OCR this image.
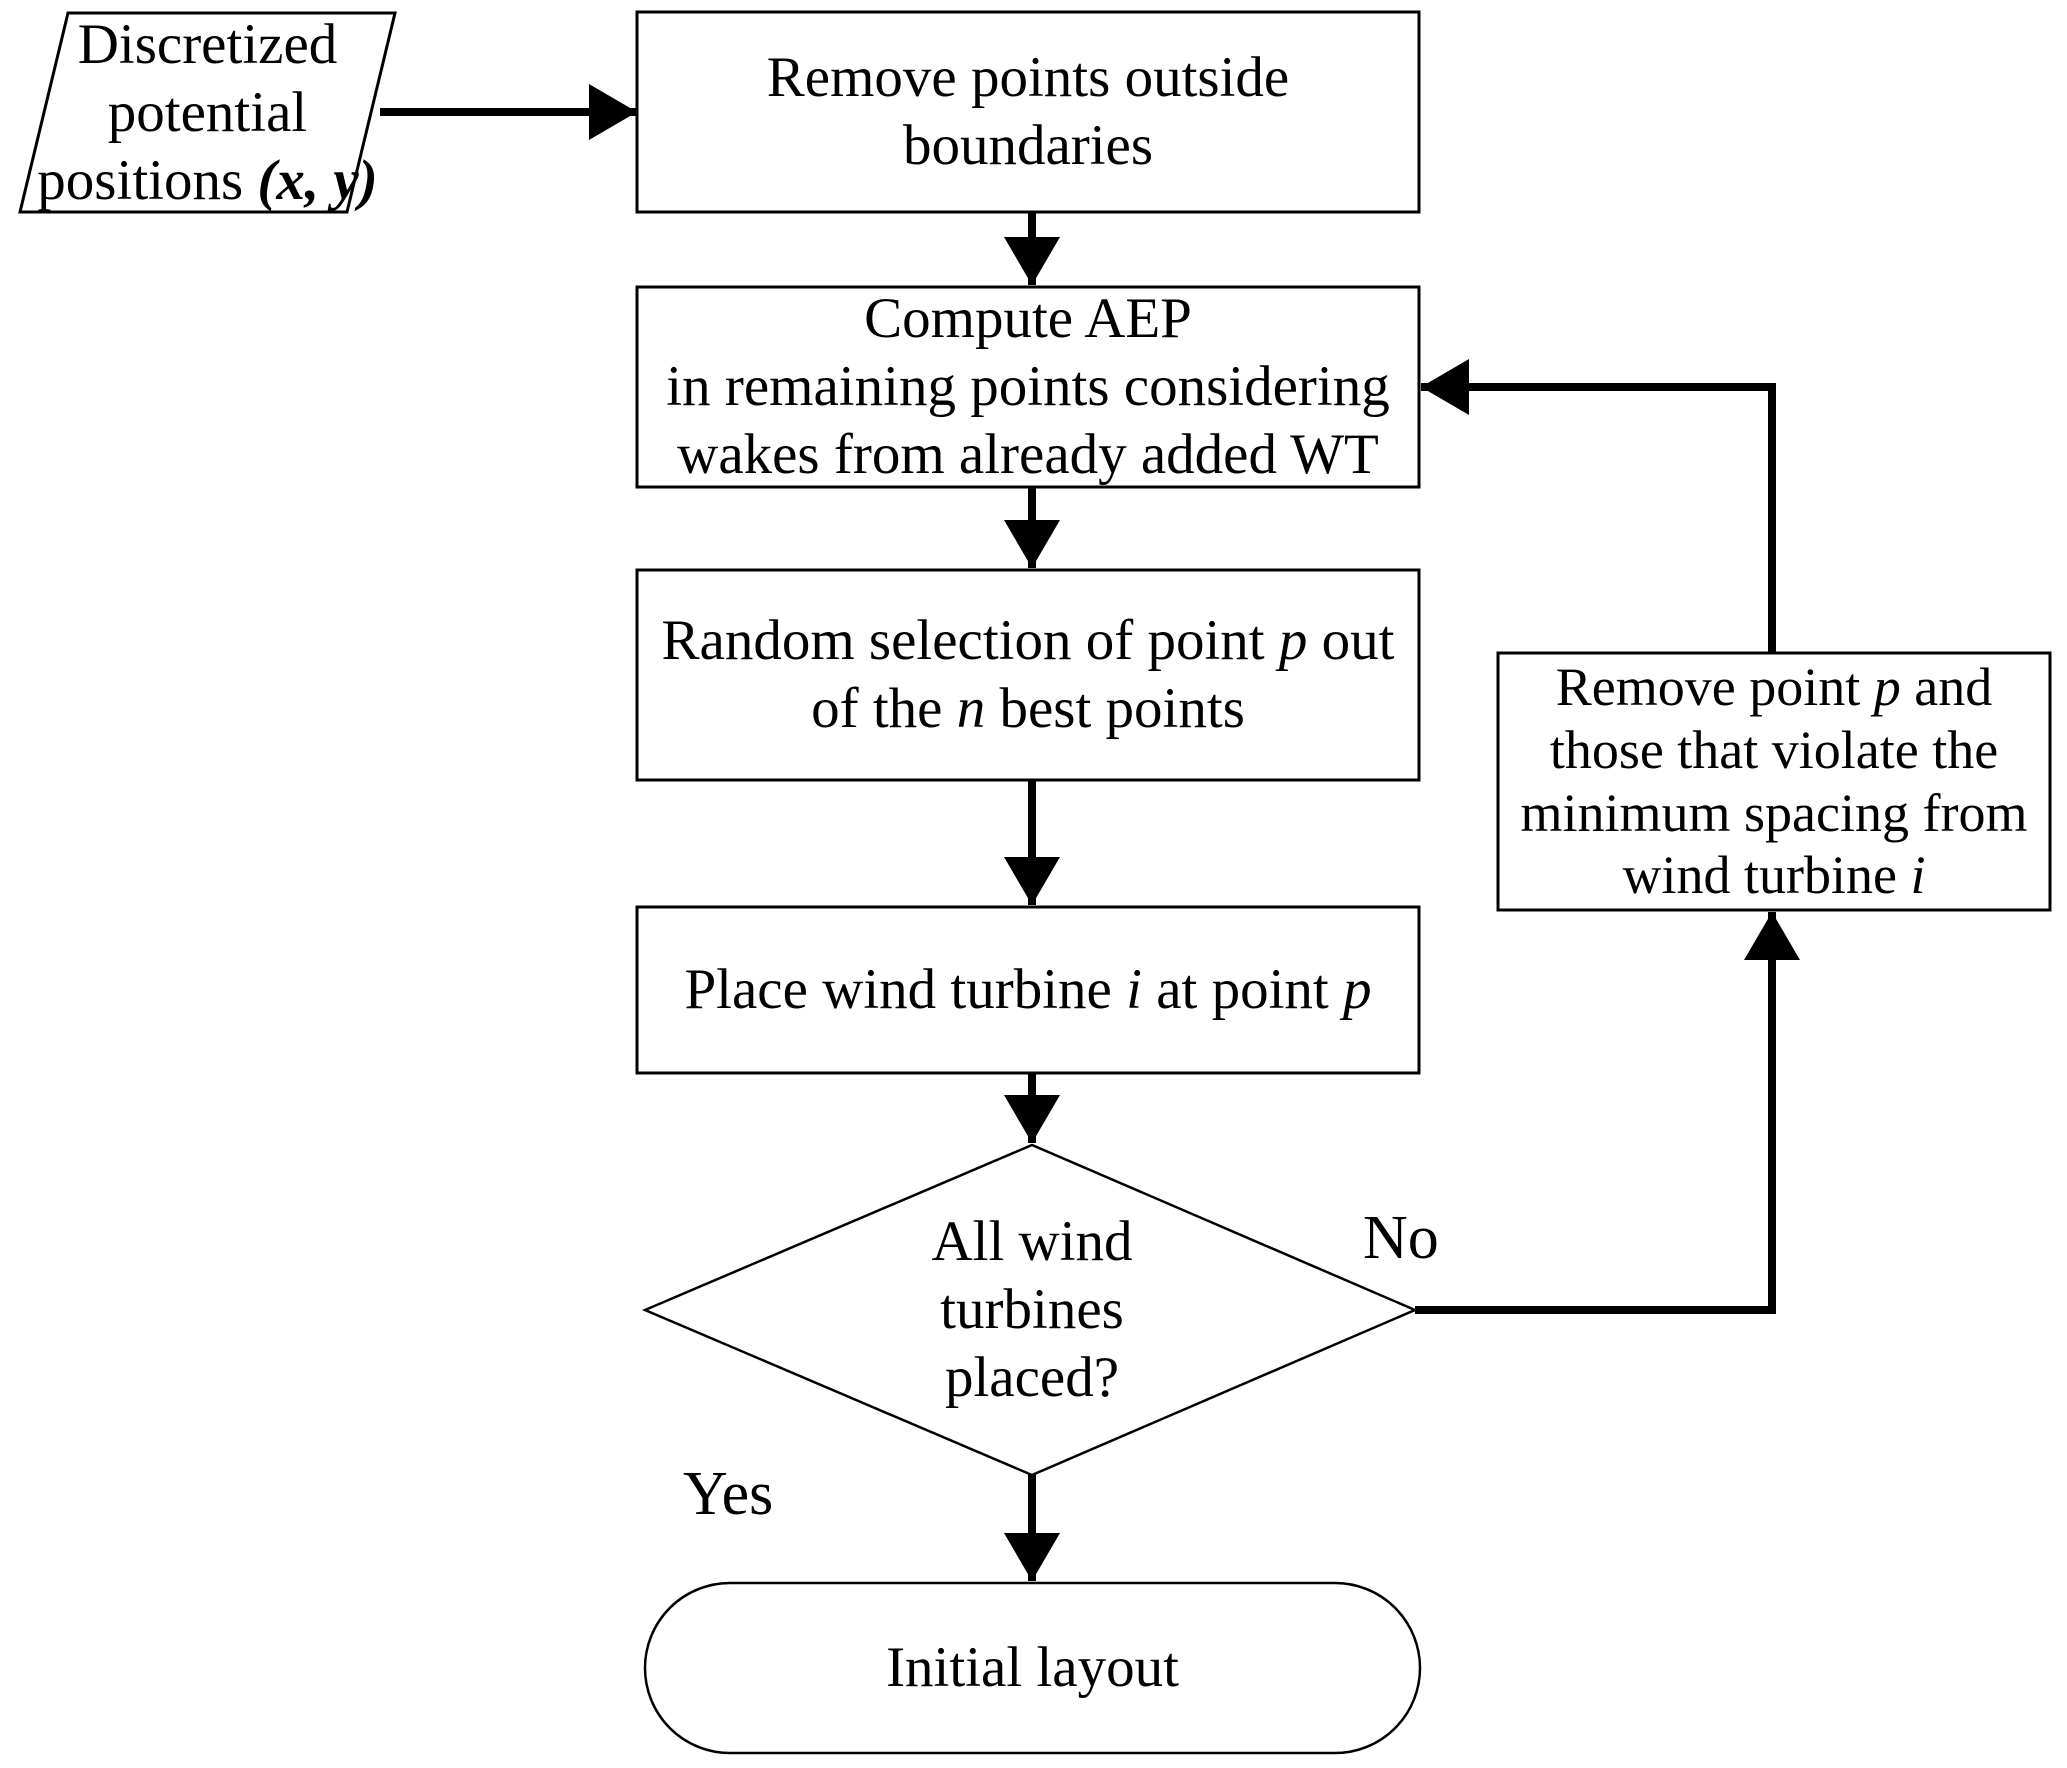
Discretized
potential
positions (x, y)
Remove points outside
boundaries
Compute AEP
in remaining points considering
wakes from already added WT
Random selection of point p out
of the n best points
Place wind turbine i at point p
All wind
turbines
placed?
Remove point p and
those that violate the
minimum spacing from
wind turbine i
Initial layout
No
Yes
